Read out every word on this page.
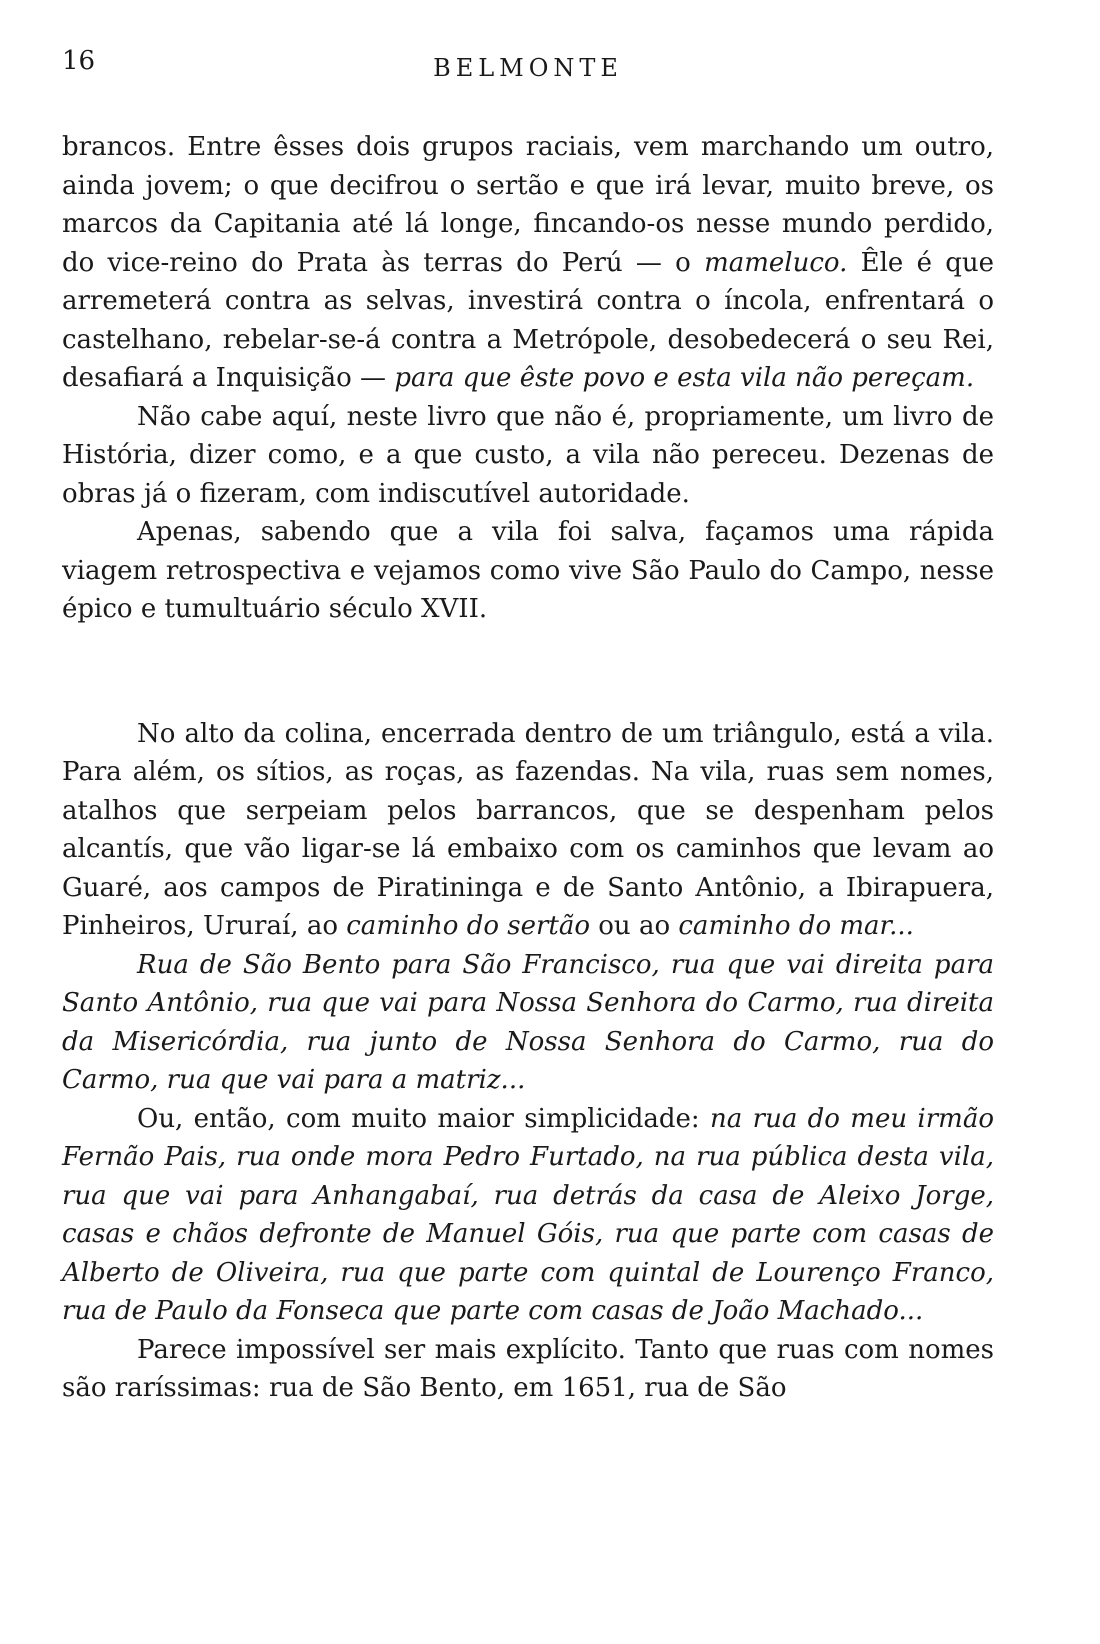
16	BELMONTE

brancos. Entre êsses dois grupos raciais, vem marchando um outro, ainda jovem; o que decifrou o sertão e que irá levar, muito breve, os marcos da Capitania até lá longe, fincando-os nesse mundo perdido, do vice-reino do Prata às terras do Perú — o mameluco. Êle é que arremeterá contra as selvas, investirá contra o íncola, enfrentará o castelhano, rebelar-se-á contra a Metrópole, desobedecerá o seu Rei, desafiará a Inquisição — para que êste povo e esta vila não pereçam.

Não cabe aquí, neste livro que não é, propriamente, um livro de História, dizer como, e a que custo, a vila não pereceu. Dezenas de obras já o fizeram, com indiscutível autoridade.

Apenas, sabendo que a vila foi salva, façamos uma rápida viagem retrospectiva e vejamos como vive São Paulo do Campo, nesse épico e tumultuário século XVII.

No alto da colina, encerrada dentro de um triângulo, está a vila. Para além, os sítios, as roças, as fazendas. Na vila, ruas sem nomes, atalhos que serpeiam pelos barrancos, que se despenham pelos alcantís, que vão ligar-se lá embaixo com os caminhos que levam ao Guaré, aos campos de Piratininga e de Santo Antônio, a Ibirapuera, Pinheiros, Ururaí, ao caminho do sertão ou ao caminho do mar...

Rua de São Bento para São Francisco, rua que vai direita para Santo Antônio, rua que vai para Nossa Senhora do Carmo, rua direita da Misericórdia, rua junto de Nossa Senhora do Carmo, rua do Carmo, rua que vai para a matriz...

Ou, então, com muito maior simplicidade: na rua do meu irmão Fernão Pais, rua onde mora Pedro Furtado, na rua pública desta vila, rua que vai para Anhangabaí, rua detrás da casa de Aleixo Jorge, casas e chãos defronte de Manuel Góis, rua que parte com casas de Alberto de Oliveira, rua que parte com quintal de Lourenço Franco, rua de Paulo da Fonseca que parte com casas de João Machado...

Parece impossível ser mais explícito. Tanto que ruas com nomes são raríssimas: rua de São Bento, em 1651, rua de São
